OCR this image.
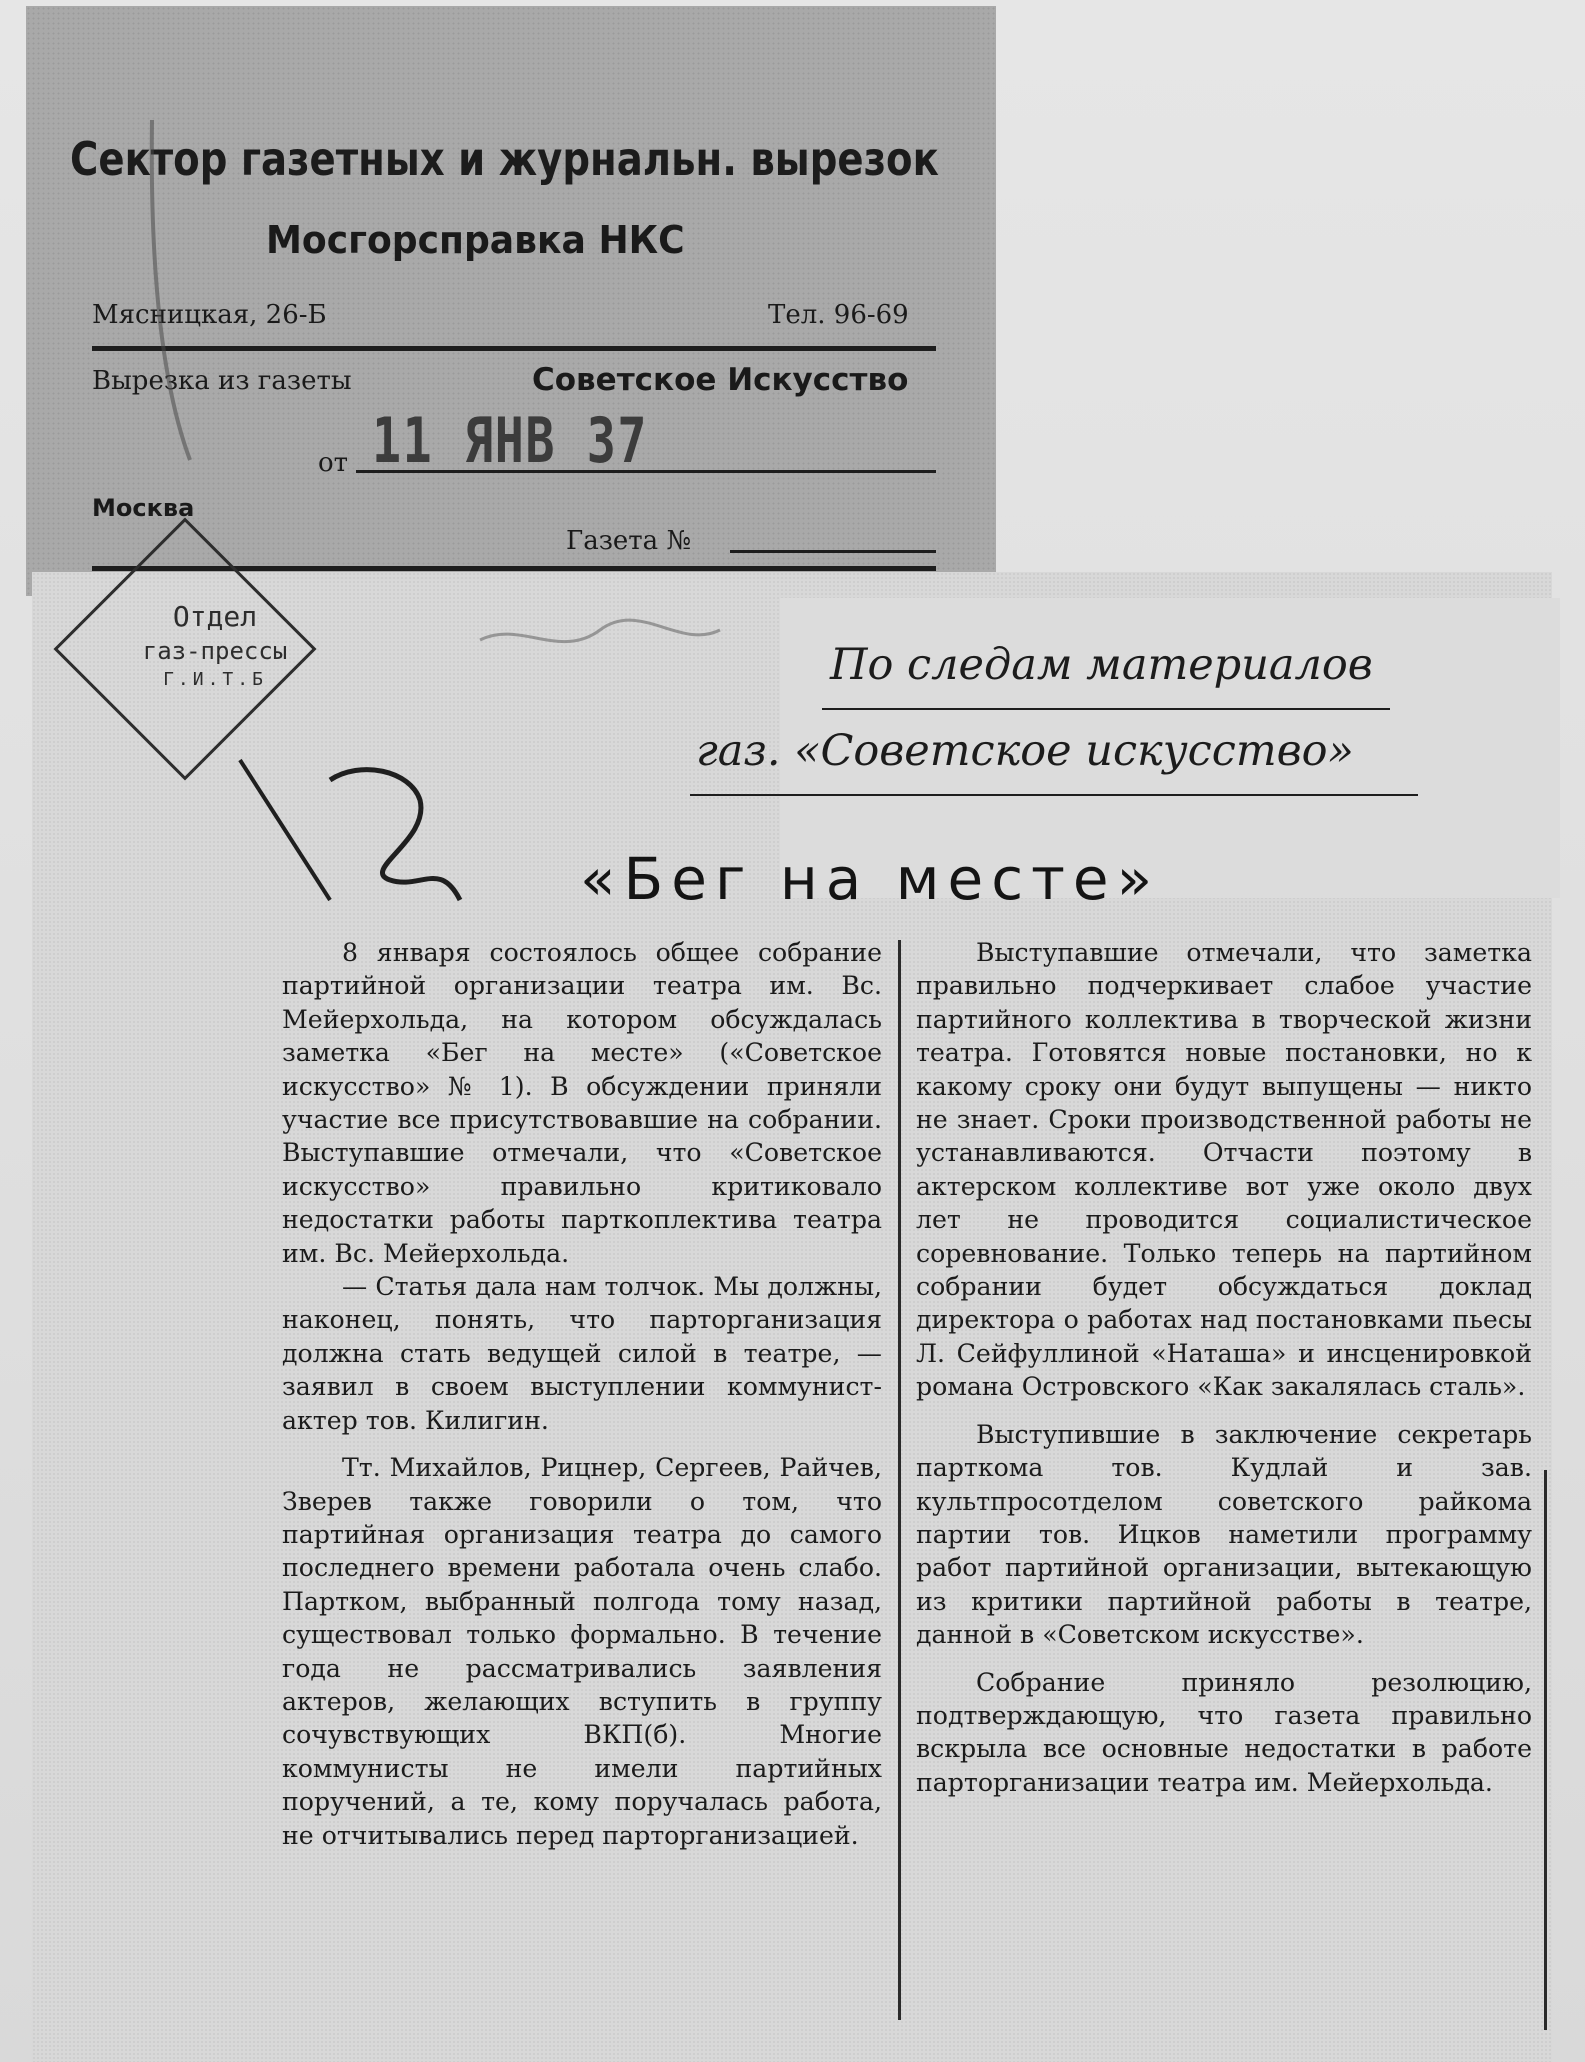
Сектор газетных и журнальн. вырезок
Мосгорсправка НКС
Мясницкая, 26-Б	Тел. 96-69
Вырезка из газеты	Советское Искусство
от 11 ЯНВ 37
Москва
Газета №
Отдел
газ-прессы
Г.И.Т.Б	По следам материалов
газ. «Советское искусство»
«Бег на месте»

8 января состоялось общее собрание партийной организации театра им. Вс. Мейерхольда, на котором обсуждалась заметка «Бег на месте» («Советское искусство» № 1). В обсуждении приняли участие все присутствовавшие на собрании. Выступавшие отмечали, что «Советское искусство» правильно критиковало недостатки работы парткоплектива театра им. Вс. Мейерхольда.

— Статья дала нам толчок. Мы должны, наконец, понять, что парторганизация должна стать ведущей силой в театре, — заявил в своем выступлении коммунист-актер тов. Килигин.

Тт. Михайлов, Рицнер, Сергеев, Райчев, Зверев также говорили о том, что партийная организация театра до самого последнего времени работала очень слабо. Партком, выбранный полгода тому назад, существовал только формально. В течение года не рассматривались заявления актеров, желающих вступить в группу сочувствующих ВКП(б). Многие коммунисты не имели партийных поручений, а те, кому поручалась работа, не отчитывались перед парторганизацией.

Выступавшие отмечали, что заметка правильно подчеркивает слабое участие партийного коллектива в творческой жизни театра. Готовятся новые постановки, но к какому сроку они будут выпущены — никто не знает. Сроки производственной работы не устанавливаются. Отчасти поэтому в актерском коллективе вот уже около двух лет не проводится социалистическое соревнование. Только теперь на партийном собрании будет обсуждаться доклад директора о работах над постановками пьесы Л. Сейфуллиной «Наташа» и инсценировкой романа Островского «Как закалялась сталь».

Выступившие в заключение секретарь парткома тов. Кудлай и зав. культпросотделом советского райкома партии тов. Ицков наметили программу работ партийной организации, вытекающую из критики партийной работы в театре, данной в «Советском искусстве».

Собрание приняло резолюцию, подтверждающую, что газета правильно вскрыла все основные недостатки в работе парторганизации театра им. Мейерхольда.
